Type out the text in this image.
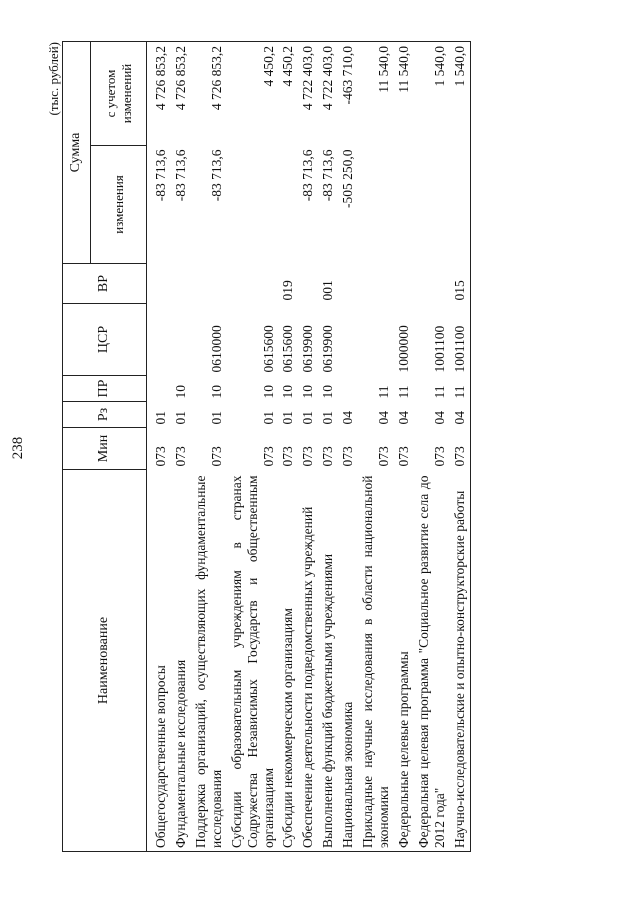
238
(тыс. рублей)
Наименование	Мин	Рз	ПР	ЦСР	ВР	Сумма	
						изменения	с учетом изменений
Общегосударственные вопросы	073	01				-83 713,6	4 726 853,2
Фундаментальные исследования	073	01	10			-83 713,6	4 726 853,2
Поддержка организаций, осуществляющих фундаментальные исследования	073	01	10	0610000		-83 713,6	4 726 853,2
Субсидии образовательным учреждениям в странах Содружества Независимых Государств и общественным организациям	073	01	10	0615600			4 450,2
Субсидии некоммерческим организациям	073	01	10	0615600	019		4 450,2
Обеспечение деятельности подведомственных учреждений	073	01	10	0619900		-83 713,6	4 722 403,0
Выполнение функций бюджетными учреждениями	073	01	10	0619900	001	-83 713,6	4 722 403,0
Национальная экономика	073	04				-505 250,0	-463 710,0
Прикладные научные исследования в области национальной экономики	073	04	11				11 540,0
Федеральные целевые программы	073	04	11	1000000			11 540,0
Федеральная целевая программа "Социальное развитие села до 2012 года"	073	04	11	1001100			1 540,0
Научно-исследовательские и опытно-конструкторские работы	073	04	11	1001100	015		1 540,0
